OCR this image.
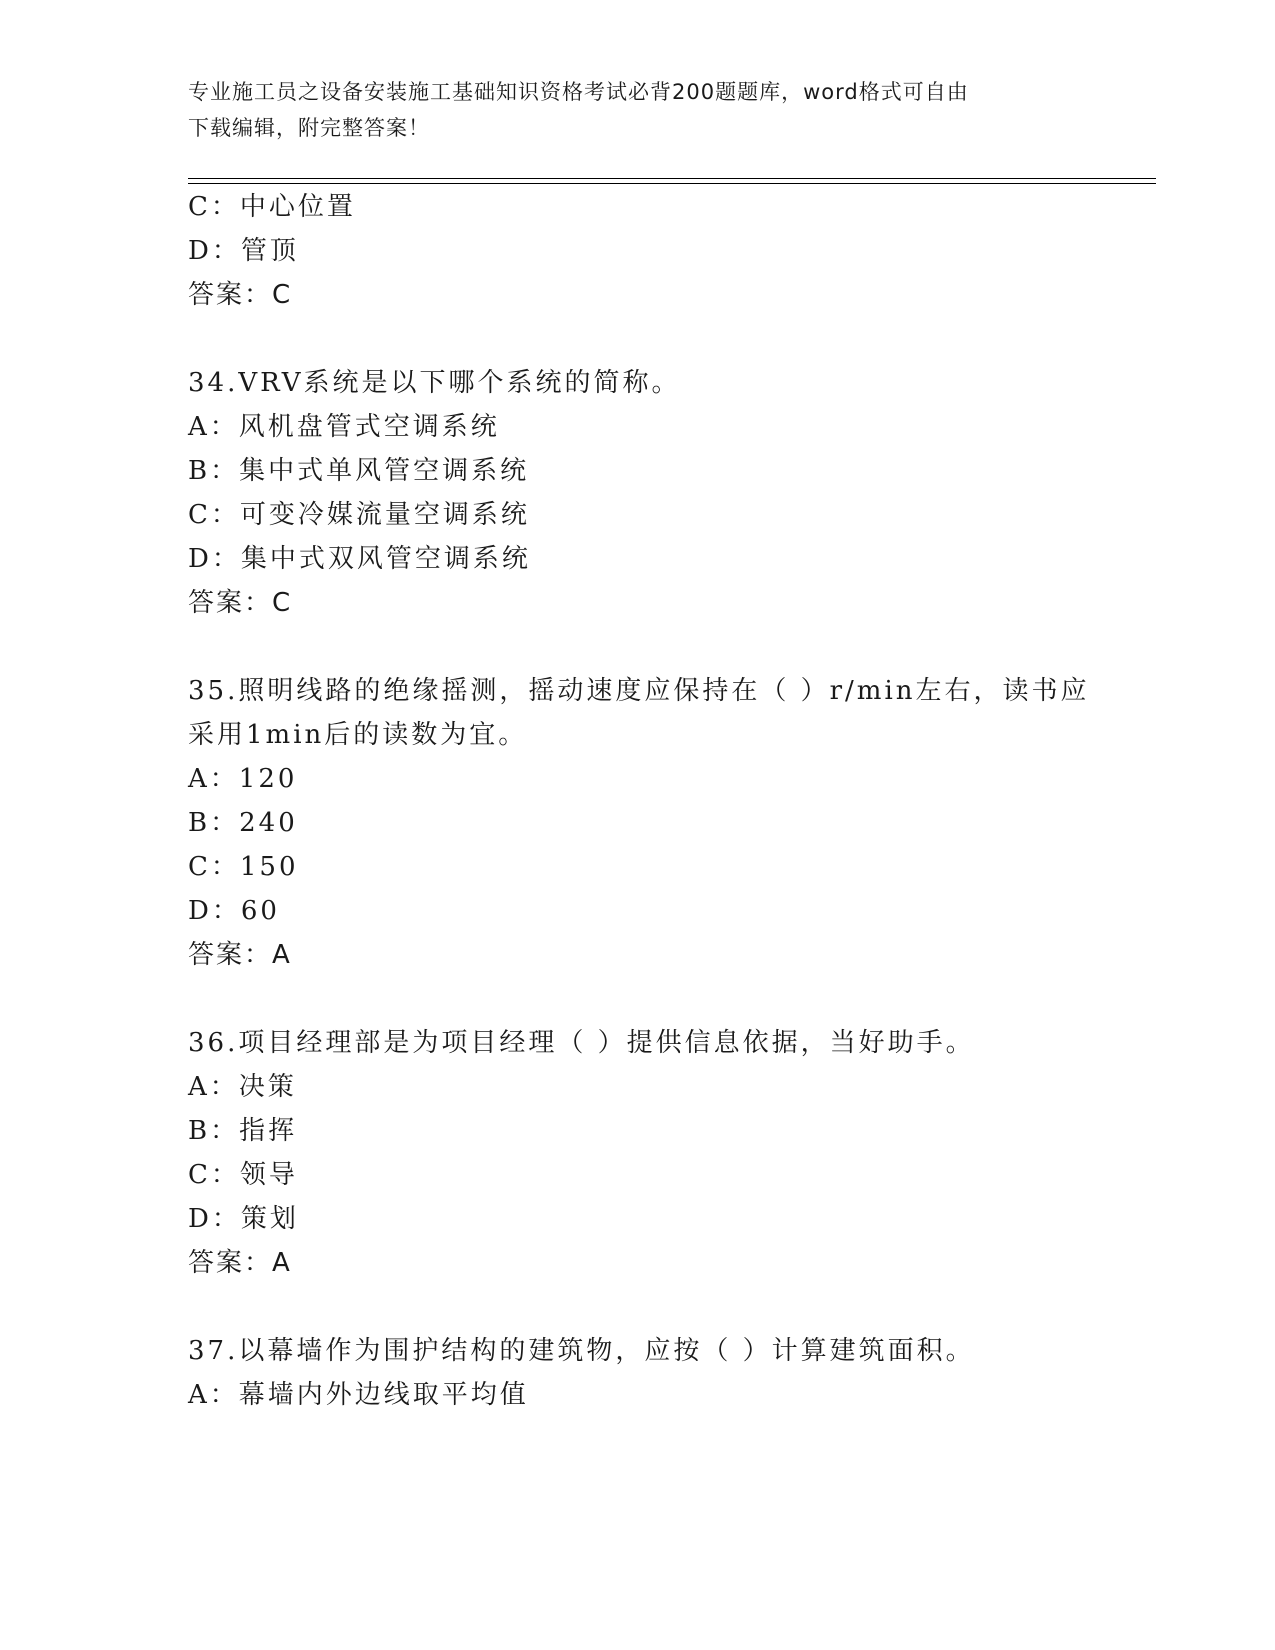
专业施工员之设备安装施工基础知识资格考试必背200题题库，word格式可自由
下载编辑，附完整答案！
C：中心位置
D：管顶
答案：C
34.VRV系统是以下哪个系统的简称。
A：风机盘管式空调系统
B：集中式单风管空调系统
C：可变冷媒流量空调系统
D：集中式双风管空调系统
答案：C
35.照明线路的绝缘摇测，摇动速度应保持在（ ）r/min左右，读书应
采用1min后的读数为宜。
A：120
B：240
C：150
D：60
答案：A
36.项目经理部是为项目经理（ ）提供信息依据，当好助手。
A：决策
B：指挥
C：领导
D：策划
答案：A
37.以幕墙作为围护结构的建筑物，应按（ ）计算建筑面积。
A：幕墙内外边线取平均值
